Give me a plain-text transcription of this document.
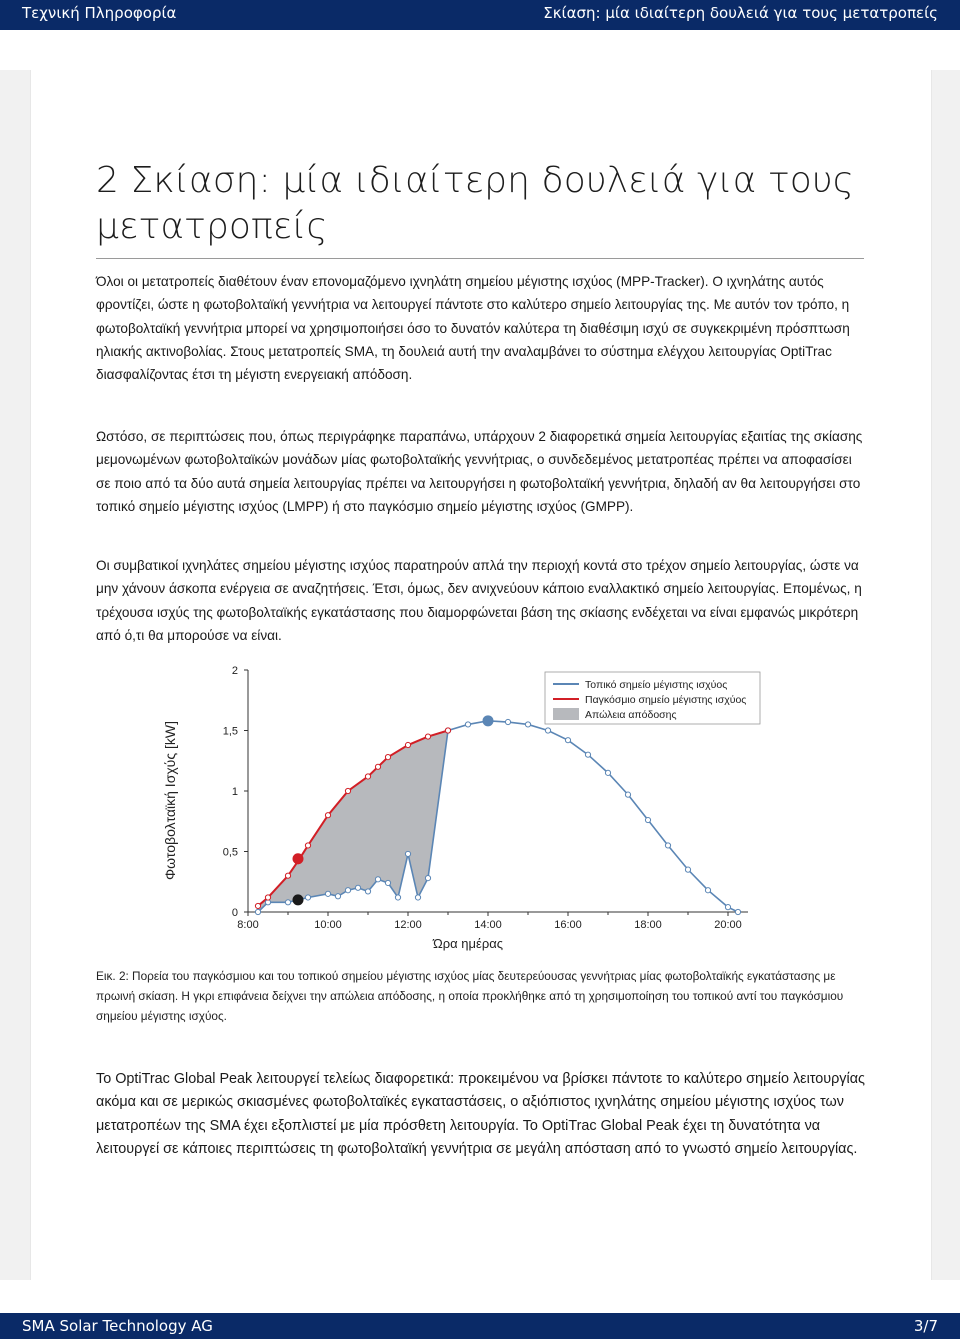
Τεχνική Πληροφορία	Σκίαση: μία ιδιαίτερη δουλειά για τους μετατροπείς
2 Σκίαση: μία ιδιαίτερη δουλειά για τους μετατροπείς
Όλοι οι μετατροπείς διαθέτουν έναν επονομαζόμενο ιχνηλάτη σημείου μέγιστης ισχύος (MPP-Tracker). Ο ιχνηλάτης αυτός φροντίζει, ώστε η φωτοβολταϊκή γεννήτρια να λειτουργεί πάντοτε στο καλύτερο σημείο λειτουργίας της. Με αυτόν τον τρόπο, η φωτοβολταϊκή γεννήτρια μπορεί να χρησιμοποιήσει όσο το δυνατόν καλύτερα τη διαθέσιμη ισχύ σε συγκεκριμένη πρόσπτωση ηλιακής ακτινοβολίας. Στους μετατροπείς SMA, τη δουλειά αυτή την αναλαμβάνει το σύστημα ελέγχου λειτουργίας OptiTrac διασφαλίζοντας έτσι τη μέγιστη ενεργειακή απόδοση.
Ωστόσο, σε περιπτώσεις που, όπως περιγράφηκε παραπάνω, υπάρχουν 2 διαφορετικά σημεία λειτουργίας εξαιτίας της σκίασης μεμονωμένων φωτοβολταϊκών μονάδων μίας φωτοβολταϊκής γεννήτριας, ο συνδεδεμένος μετατροπέας πρέπει να αποφασίσει σε ποιο από τα δύο αυτά σημεία λειτουργίας πρέπει να λειτουργήσει η φωτοβολταϊκή γεννήτρια, δηλαδή αν θα λειτουργήσει στο τοπικό σημείο μέγιστης ισχύος (LMPP) ή στο παγκόσμιο σημείο μέγιστης ισχύος (GMPP).
Οι συμβατικοί ιχνηλάτες σημείου μέγιστης ισχύος παρατηρούν απλά την περιοχή κοντά στο τρέχον σημείο λειτουργίας, ώστε να μην χάνουν άσκοπα ενέργεια σε αναζητήσεις. Έτσι, όμως, δεν ανιχνεύουν κάποιο εναλλακτικό σημείο λειτουργίας. Επομένως, η τρέχουσα ισχύς της φωτοβολταϊκής εγκατάστασης που διαμορφώνεται βάση της σκίασης ενδέχεται να είναι εμφανώς μικρότερη από ό,τι θα μπορούσε να είναι.
Φωτοβολταϊκή Ισχύς [kW]
0
0,5
1
1,5
2
8:00	10:00	12:00	14:00	16:00	18:00	20:00
Ώρα ημέρας
Τοπικό σημείο μέγιστης ισχύος
Παγκόσμιο σημείο μέγιστης ισχύος
Απώλεια απόδοσης
Εικ. 2: Πορεία του παγκόσμιου και του τοπικού σημείου μέγιστης ισχύος μίας δευτερεύουσας γεννήτριας μίας φωτοβολταϊκής εγκατάστασης με πρωινή σκίαση. Η γκρι επιφάνεια δείχνει την απώλεια απόδοσης, η οποία προκλήθηκε από τη χρησιμοποίηση του τοπικού αντί του παγκόσμιου σημείου μέγιστης ισχύος.
Το OptiTrac Global Peak λειτουργεί τελείως διαφορετικά: προκειμένου να βρίσκει πάντοτε το καλύτερο σημείο λειτουργίας ακόμα και σε μερικώς σκιασμένες φωτοβολταϊκές εγκαταστάσεις, ο αξιόπιστος ιχνηλάτης σημείου μέγιστης ισχύος των μετατροπέων της SMA έχει εξοπλιστεί με μία πρόσθετη λειτουργία. Το OptiTrac Global Peak έχει τη δυνατότητα να λειτουργεί σε κάποιες περιπτώσεις τη φωτοβολταϊκή γεννήτρια σε μεγάλη απόσταση από το γνωστό σημείο λειτουργίας.
SMA Solar Technology AG	3/7
